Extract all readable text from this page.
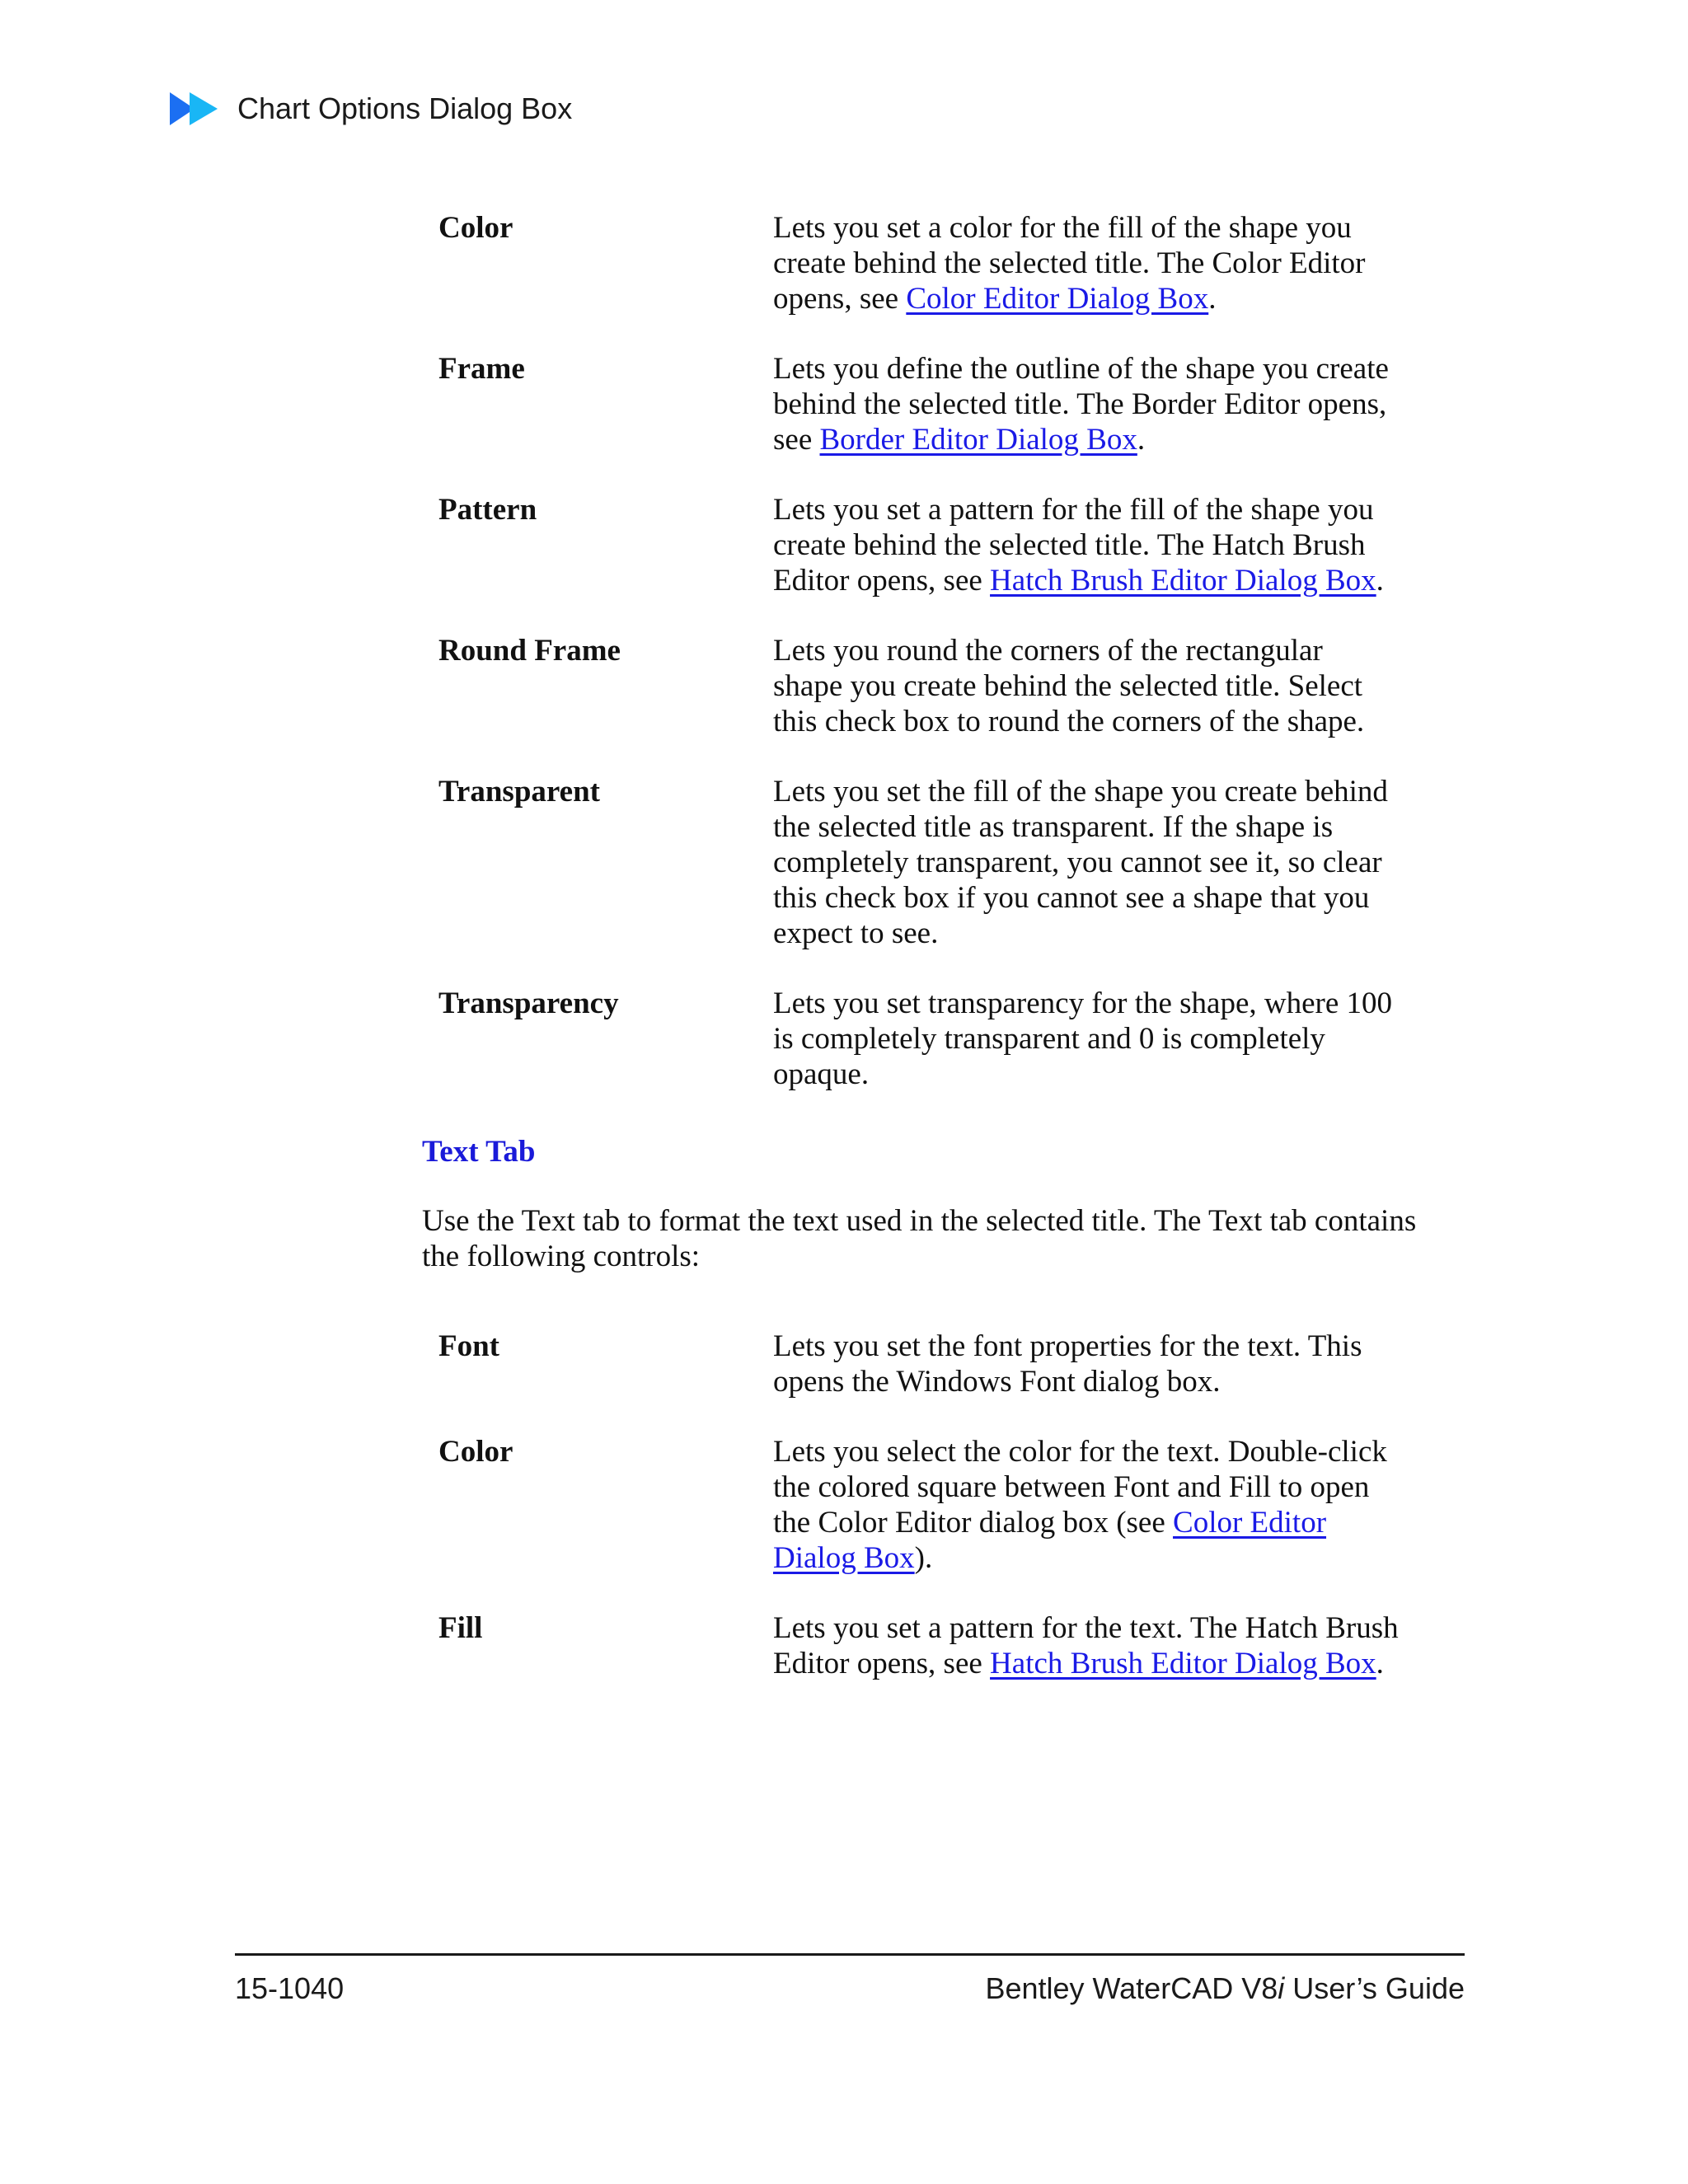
Chart Options Dialog Box
Color	Lets you set a color for the fill of the shape you create behind the selected title. The Color Editor opens, see Color Editor Dialog Box.
Frame	Lets you define the outline of the shape you create behind the selected title. The Border Editor opens, see Border Editor Dialog Box.
Pattern	Lets you set a pattern for the fill of the shape you create behind the selected title. The Hatch Brush Editor opens, see Hatch Brush Editor Dialog Box.
Round Frame	Lets you round the corners of the rectangular shape you create behind the selected title. Select this check box to round the corners of the shape.
Transparent	Lets you set the fill of the shape you create behind the selected title as transparent. If the shape is completely transparent, you cannot see it, so clear this check box if you cannot see a shape that you expect to see.
Transparency	Lets you set transparency for the shape, where 100 is completely transparent and 0 is completely opaque.
Text Tab
Use the Text tab to format the text used in the selected title. The Text tab contains the following controls:
Font	Lets you set the font properties for the text. This opens the Windows Font dialog box.
Color	Lets you select the color for the text. Double-click the colored square between Font and Fill to open the Color Editor dialog box (see Color Editor Dialog Box).
Fill	Lets you set a pattern for the text. The Hatch Brush Editor opens, see Hatch Brush Editor Dialog Box.
15-1040	Bentley WaterCAD V8i User’s Guide
